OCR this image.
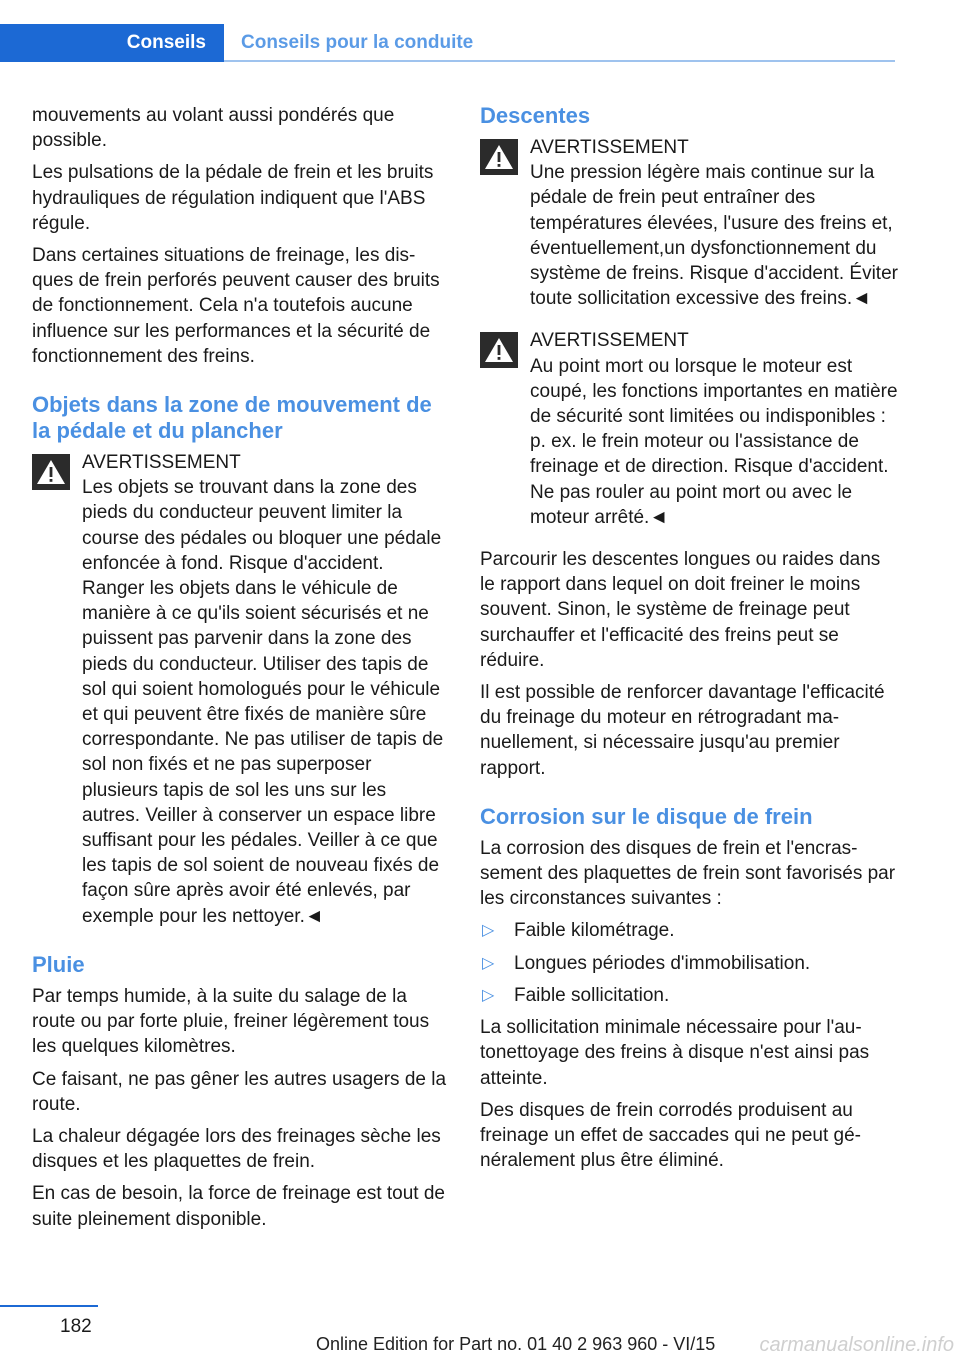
Conseils	Conseils pour la conduite

mouvements au volant aussi pondérés que possible.

Les pulsations de la pédale de frein et les bruits hydrauliques de régulation indiquent que l'ABS régule.

Dans certaines situations de freinage, les disques de frein perforés peuvent causer des bruits de fonctionnement. Cela n'a toutefois aucune influence sur les performances et la sécurité de fonctionnement des freins.

Objets dans la zone de mouvement de la pédale et du plancher
AVERTISSEMENT
Les objets se trouvant dans la zone des pieds du conducteur peuvent limiter la course des pédales ou bloquer une pédale enfoncée à fond. Risque d'accident. Ranger les objets dans le véhicule de manière à ce qu'ils soient sécurisés et ne puissent pas parvenir dans la zone des pieds du conducteur. Utiliser des tapis de sol qui soient homologués pour le véhicule et qui peuvent être fixés de manière sûre correspondante. Ne pas utiliser de tapis de sol non fixés et ne pas superposer plusieurs tapis de sol les uns sur les autres. Veiller à conserver un espace libre suffisant pour les pédales. Veiller à ce que les tapis de sol soient de nouveau fixés de façon sûre après avoir été enlevés, par exemple pour les nettoyer.◄
Pluie

Par temps humide, à la suite du salage de la route ou par forte pluie, freiner légèrement tous les quelques kilomètres.

Ce faisant, ne pas gêner les autres usagers de la route.

La chaleur dégagée lors des freinages sèche les disques et les plaquettes de frein.

En cas de besoin, la force de freinage est tout de suite pleinement disponible.

Descentes
AVERTISSEMENT
Une pression légère mais continue sur la pédale de frein peut entraîner des températures élevées, l'usure des freins et, éventuellement,un dysfonctionnement du système de freins. Risque d'accident. Éviter toute sollicitation excessive des freins.◄
AVERTISSEMENT
Au point mort ou lorsque le moteur est coupé, les fonctions importantes en matière de sécurité sont limitées ou indisponibles : p. ex. le frein moteur ou l'assistance de freinage et de direction. Risque d'accident. Ne pas rouler au point mort ou avec le moteur arrêté.◄

Parcourir les descentes longues ou raides dans le rapport dans lequel on doit freiner le moins souvent. Sinon, le système de freinage peut surchauffer et l'efficacité des freins peut se réduire.

Il est possible de renforcer davantage l'efficacité du freinage du moteur en rétrogradant manuellement, si nécessaire jusqu'au premier rapport.

Corrosion sur le disque de frein

La corrosion des disques de frein et l'encrassement des plaquettes de frein sont favorisés par les circonstances suivantes :

▷ Faible kilométrage.
▷ Longues périodes d'immobilisation.
▷ Faible sollicitation.

La sollicitation minimale nécessaire pour l'autonettoyage des freins à disque n'est ainsi pas atteinte.

Des disques de frein corrodés produisent au freinage un effet de saccades qui ne peut généralement plus être éliminé.

182
Online Edition for Part no. 01 40 2 963 960 - VI/15 carmanualsonline.info
